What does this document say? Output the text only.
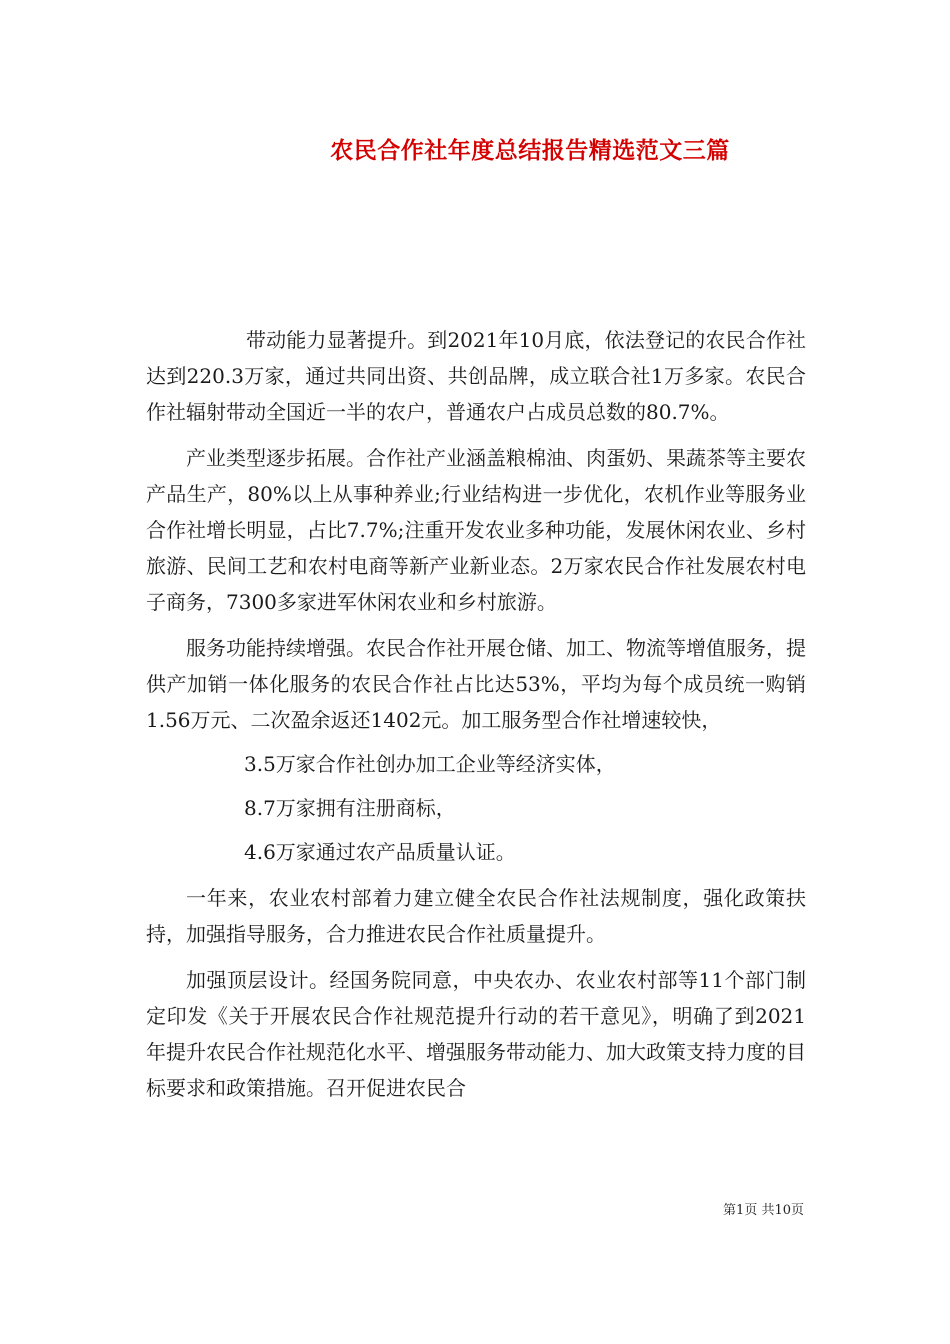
农民合作社年度总结报告精选范文三篇

带动能力显著提升。到2021年10月底，依法登记的农民合作社达到220.3万家，通过共同出资、共创品牌，成立联合社1万多家。农民合作社辐射带动全国近一半的农户，普通农户占成员总数的80.7%。

产业类型逐步拓展。合作社产业涵盖粮棉油、肉蛋奶、果蔬茶等主要农产品生产，80%以上从事种养业;行业结构进一步优化，农机作业等服务业合作社增长明显，占比7.7%;注重开发农业多种功能，发展休闲农业、乡村旅游、民间工艺和农村电商等新产业新业态。2万家农民合作社发展农村电子商务，7300多家进军休闲农业和乡村旅游。

服务功能持续增强。农民合作社开展仓储、加工、物流等增值服务，提供产加销一体化服务的农民合作社占比达53%，平均为每个成员统一购销1.56万元、二次盈余返还1402元。加工服务型合作社增速较快，

3.5万家合作社创办加工企业等经济实体，

8.7万家拥有注册商标，

4.6万家通过农产品质量认证。

一年来，农业农村部着力建立健全农民合作社法规制度，强化政策扶持，加强指导服务，合力推进农民合作社质量提升。

加强顶层设计。经国务院同意，中央农办、农业农村部等11个部门制定印发《关于开展农民合作社规范提升行动的若干意见》，明确了到2021年提升农民合作社规范化水平、增强服务带动能力、加大政策支持力度的目标要求和政策措施。召开促进农民合

第1页 共10页
